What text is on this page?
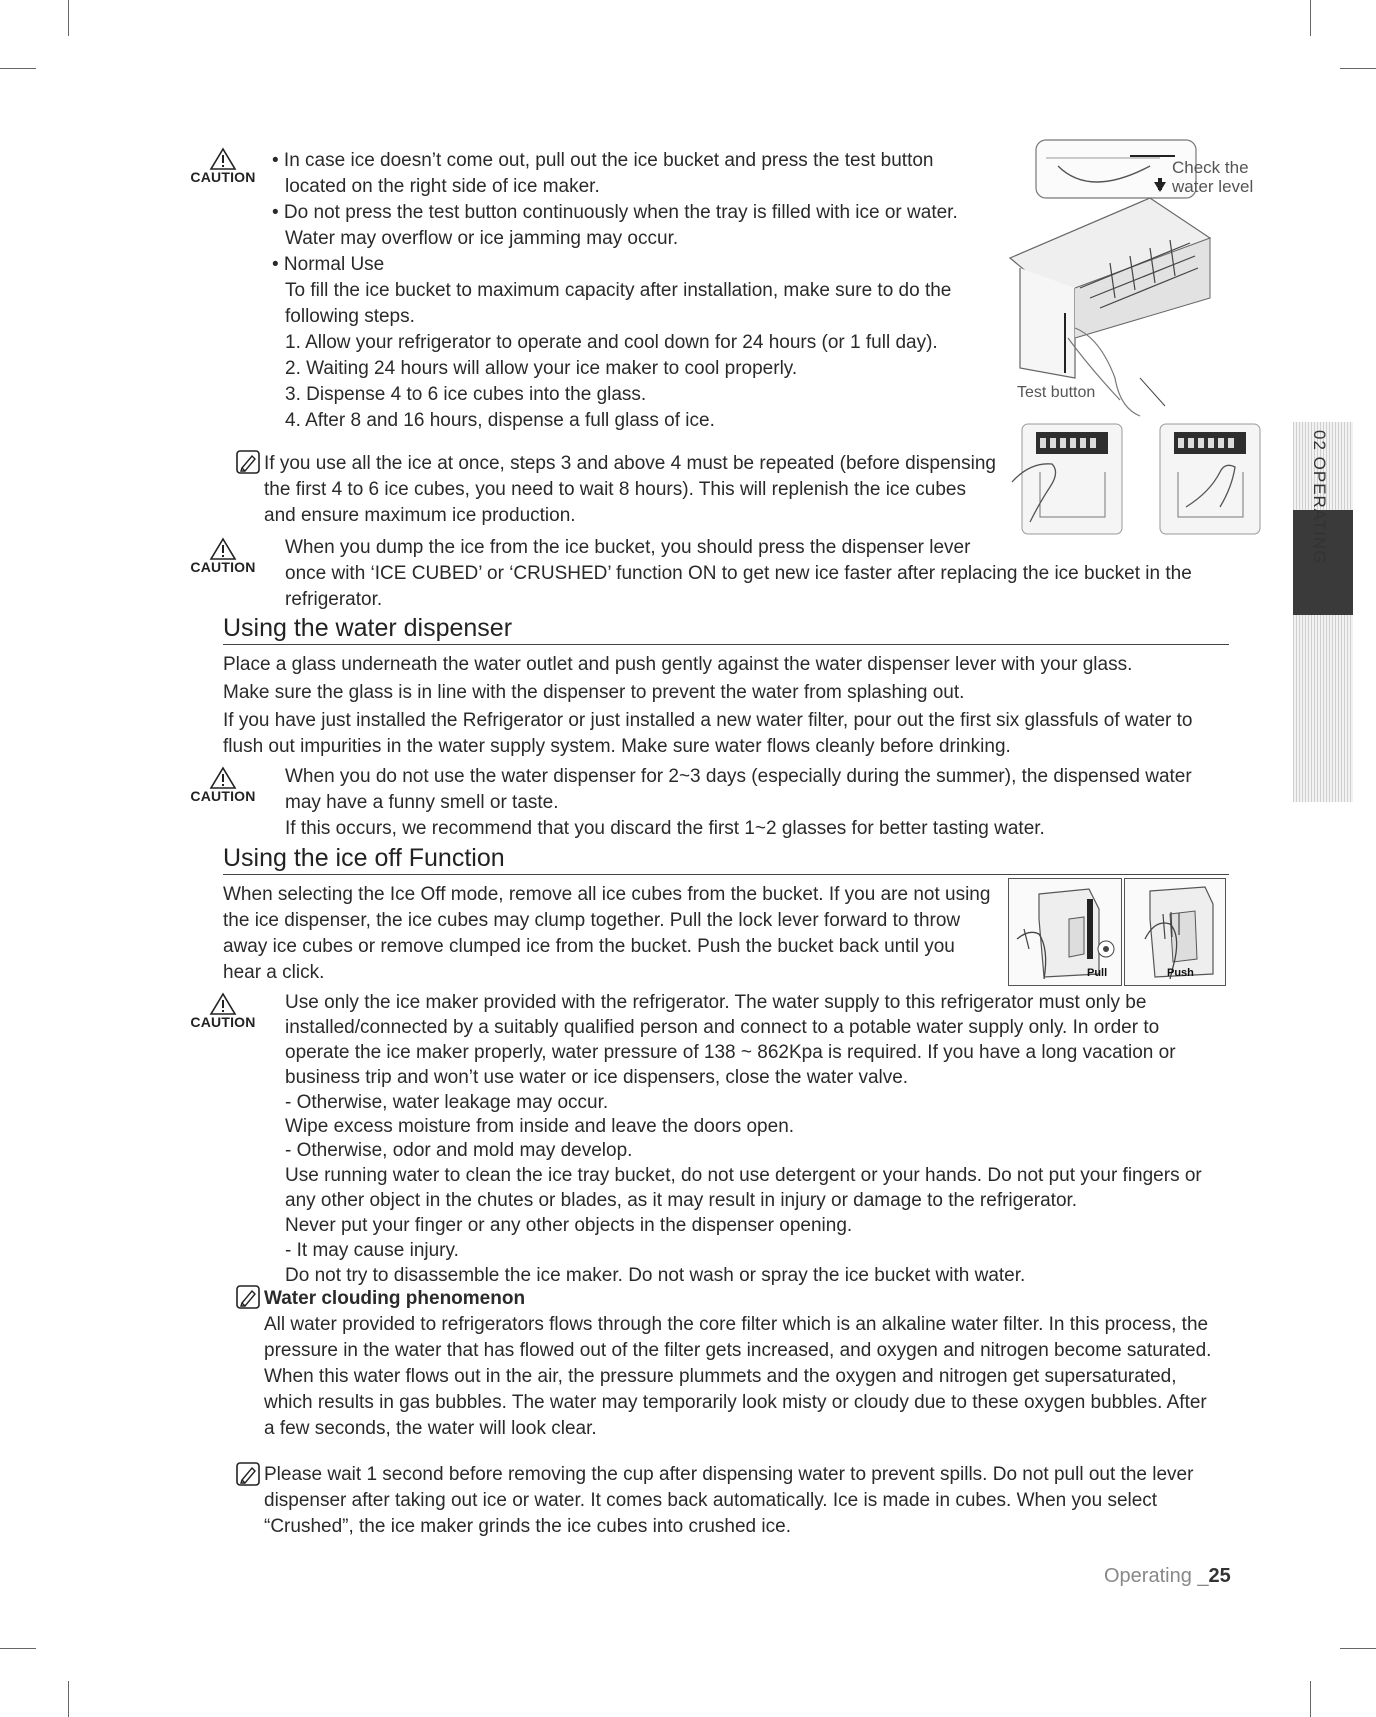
CAUTION
• In case ice doesn’t come out, pull out the ice bucket and press the test button
located on the right side of ice maker.
• Do not press the test button continuously when the tray is filled with ice or water.
Water may overflow or ice jamming may occur.
• Normal Use
To fill the ice bucket to maximum capacity after installation, make sure to do the
following steps.
1. Allow your refrigerator to operate and cool down for 24 hours (or 1 full day).
2. Waiting 24 hours will allow your ice maker to cool properly.
3. Dispense 4 to 6 ice cubes into the glass.
4. After 8 and 16 hours, dispense a full glass of ice.
Check the
water level
Test button
If you use all the ice at once, steps 3 and above 4 must be repeated (before dispensing
the first 4 to 6 ice cubes, you need to wait 8 hours). This will replenish the ice cubes
and ensure maximum ice production.
CAUTION
When you dump the ice from the ice bucket, you should press the dispenser lever
once with ‘ICE CUBED’ or ‘CRUSHED’ function ON to get new ice faster after replacing the ice bucket in the
refrigerator.
Using the water dispenser
Place a glass underneath the water outlet and push gently against the water dispenser lever with your glass.
Make sure the glass is in line with the dispenser to prevent the water from splashing out.
If you have just installed the Refrigerator or just installed a new water filter, pour out the first six glassfuls of water to
flush out impurities in the water supply system. Make sure water flows cleanly before drinking.
CAUTION
When you do not use the water dispenser for 2~3 days (especially during the summer), the dispensed water
may have a funny smell or taste.
If this occurs, we recommend that you discard the first 1~2 glasses for better tasting water.
Using the ice off Function
When selecting the Ice Off mode, remove all ice cubes from the bucket. If you are not using
the ice dispenser, the ice cubes may clump together. Pull the lock lever forward to throw
away ice cubes or remove clumped ice from the bucket. Push the bucket back until you
hear a click.	Pull	Push
CAUTION
Use only the ice maker provided with the refrigerator. The water supply to this refrigerator must only be
installed/connected by a suitably qualified person and connect to a potable water supply only. In order to
operate the ice maker properly, water pressure of 138 ~ 862Kpa is required. If you have a long vacation or
business trip and won’t use water or ice dispensers, close the water valve.
- Otherwise, water leakage may occur.
Wipe excess moisture from inside and leave the doors open.
- Otherwise, odor and mold may develop.
Use running water to clean the ice tray bucket, do not use detergent or your hands. Do not put your fingers or
any other object in the chutes or blades, as it may result in injury or damage to the refrigerator.
Never put your finger or any other objects in the dispenser opening.
- It may cause injury.
Do not try to disassemble the ice maker. Do not wash or spray the ice bucket with water.
Water clouding phenomenon
All water provided to refrigerators flows through the core filter which is an alkaline water filter. In this process, the
pressure in the water that has flowed out of the filter gets increased, and oxygen and nitrogen become saturated.
When this water flows out in the air, the pressure plummets and the oxygen and nitrogen get supersaturated,
which results in gas bubbles. The water may temporarily look misty or cloudy due to these oxygen bubbles. After
a few seconds, the water will look clear.
Please wait 1 second before removing the cup after dispensing water to prevent spills. Do not pull out the lever
dispenser after taking out ice or water. It comes back automatically. Ice is made in cubes. When you select
“Crushed”, the ice maker grinds the ice cubes into crushed ice.
02 OPERATING
Operating _25
